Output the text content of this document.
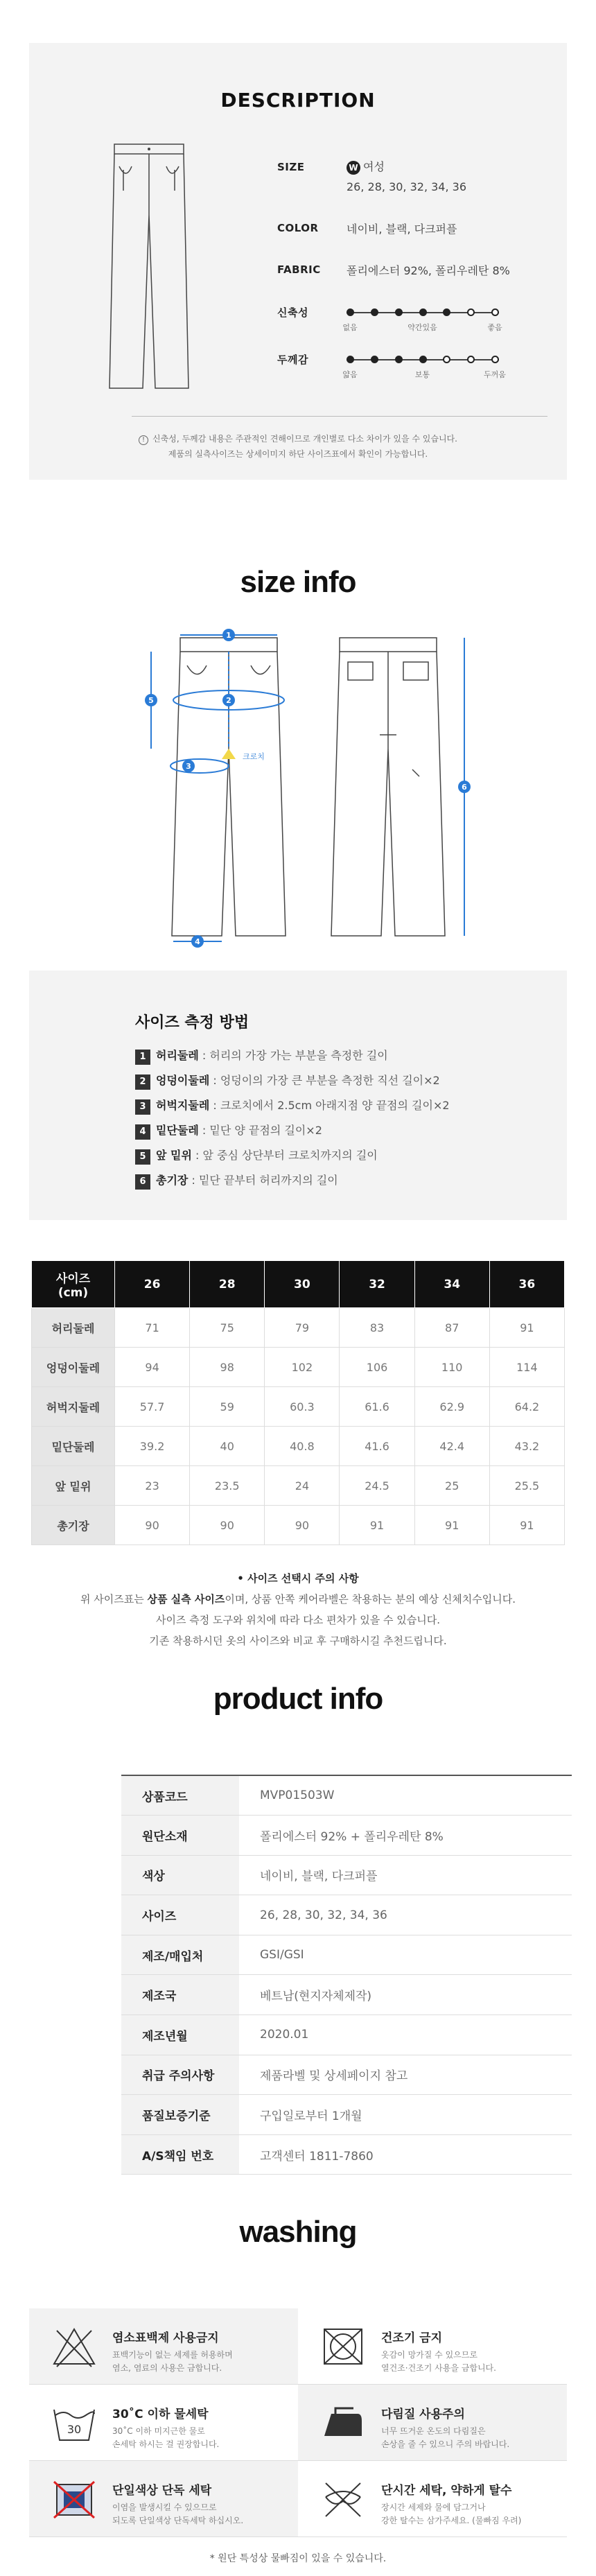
DESCRIPTION
SIZE	W 여성
26, 28, 30, 32, 34, 36
COLOR	네이비, 블랙, 다크퍼플
FABRIC 폴리에스터 92%, 폴리우레탄 8%
신축성
없음	약간있음	좋음
두께감
얇음	보통	두꺼움
! 신축성, 두께감 내용은 주관적인 견해이므로 개인별로 다소 차이가 있을 수 있습니다.
제품의 실측사이즈는 상세이미지 하단 사이즈표에서 확인이 가능합니다.
size info
1
2
3
4
5
6
크로치
사이즈 측정 방법
1 허리둘레 : 허리의 가장 가는 부분을 측정한 길이
2 엉덩이둘레 : 엉덩이의 가장 큰 부분을 측정한 직선 길이×2
3 허벅지둘레 : 크로치에서 2.5cm 아래지점 양 끝점의 길이×2
4 밑단둘레 : 밑단 양 끝점의 길이×2
5 앞 밑위 : 앞 중심 상단부터 크로치까지의 길이
6 총기장 : 밑단 끝부터 허리까지의 길이
사이즈
(cm)	26	28	30	32	34	36
허리둘레	71	75	79	83	87	91
엉덩이둘레	94	98	102	106	110	114
허벅지둘레	57.7	59	60.3	61.6	62.9	64.2
밑단둘레	39.2	40	40.8	41.6	42.4	43.2
앞 밑위	23	23.5	24	24.5	25	25.5
총기장	90	90	90	91	91	91
• 사이즈 선택시 주의 사항
위 사이즈표는 상품 실측 사이즈이며, 상품 안쪽 케어라벨은 착용하는 분의 예상 신체치수입니다.
사이즈 측정 도구와 위치에 따라 다소 편차가 있을 수 있습니다.
기존 착용하시던 옷의 사이즈와 비교 후 구매하시길 추천드립니다.
product info
상품코드	MVP01503W
원단소재	폴리에스터 92% + 폴리우레탄 8%
색상	네이비, 블랙, 다크퍼플
사이즈	26, 28, 30, 32, 34, 36
제조/매입처	GSI/GSI
제조국	베트남(현지자체제작)
제조년월	2020.01
취급 주의사항	제품라벨 및 상세페이지 참고
품질보증기준	구입일로부터 1개월
A/S책임 번호	고객센터 1811-7860
washing
염소표백제 사용금지
표백기능이 없는 세제를 허용하며
염소, 염료의 사용은 금합니다.
건조기 금지
옷감이 망가질 수 있으므로
열건조·건조기 사용을 금합니다.
30
30˚C 이하 물세탁
30˚C 이하 미지근한 물로
손세탁 하시는 걸 권장합니다.
다림질 사용주의
너무 뜨거운 온도의 다림질은
손상을 줄 수 있으니 주의 바랍니다.
단일색상 단독 세탁
이염을 발생시킬 수 있으므로
되도록 단일색상 단독세탁 하십시오.
단시간 세탁, 약하게 탈수
장시간 세제와 물에 담그거나
강한 탈수는 삼가주세요. (물빠짐 우려)
* 원단 특성상 물빠짐이 있을 수 있습니다.
